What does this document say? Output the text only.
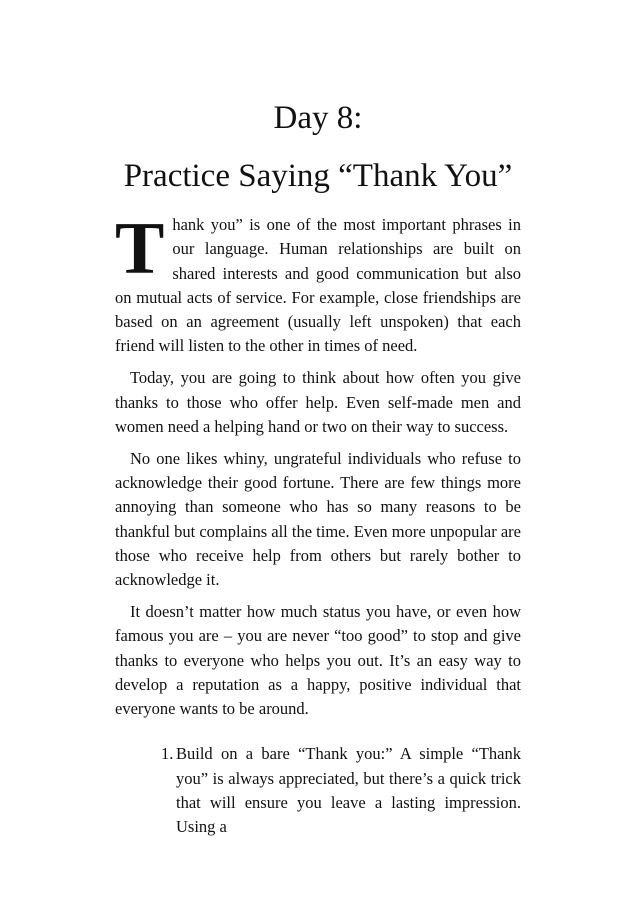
Day 8:
Practice Saying “Thank You”

Thank you” is one of the most important phrases in our language. Human relationships are built on shared interests and good communication but also on mutual acts of service. For example, close friendships are based on an agreement (usually left unspoken) that each friend will listen to the other in times of need.

Today, you are going to think about how often you give thanks to those who offer help. Even self-made men and women need a helping hand or two on their way to success.

No one likes whiny, ungrateful individuals who refuse to acknowledge their good fortune. There are few things more annoying than someone who has so many reasons to be thankful but complains all the time. Even more unpopular are those who receive help from others but rarely bother to acknowledge it.

It doesn’t matter how much status you have, or even how famous you are – you are never “too good” to stop and give thanks to everyone who helps you out. It’s an easy way to develop a reputation as a happy, positive individual that everyone wants to be around.

1. Build on a bare “Thank you:” A simple “Thank you” is always appreciated, but there’s a quick trick that will ensure you leave a lasting impression. Using a
